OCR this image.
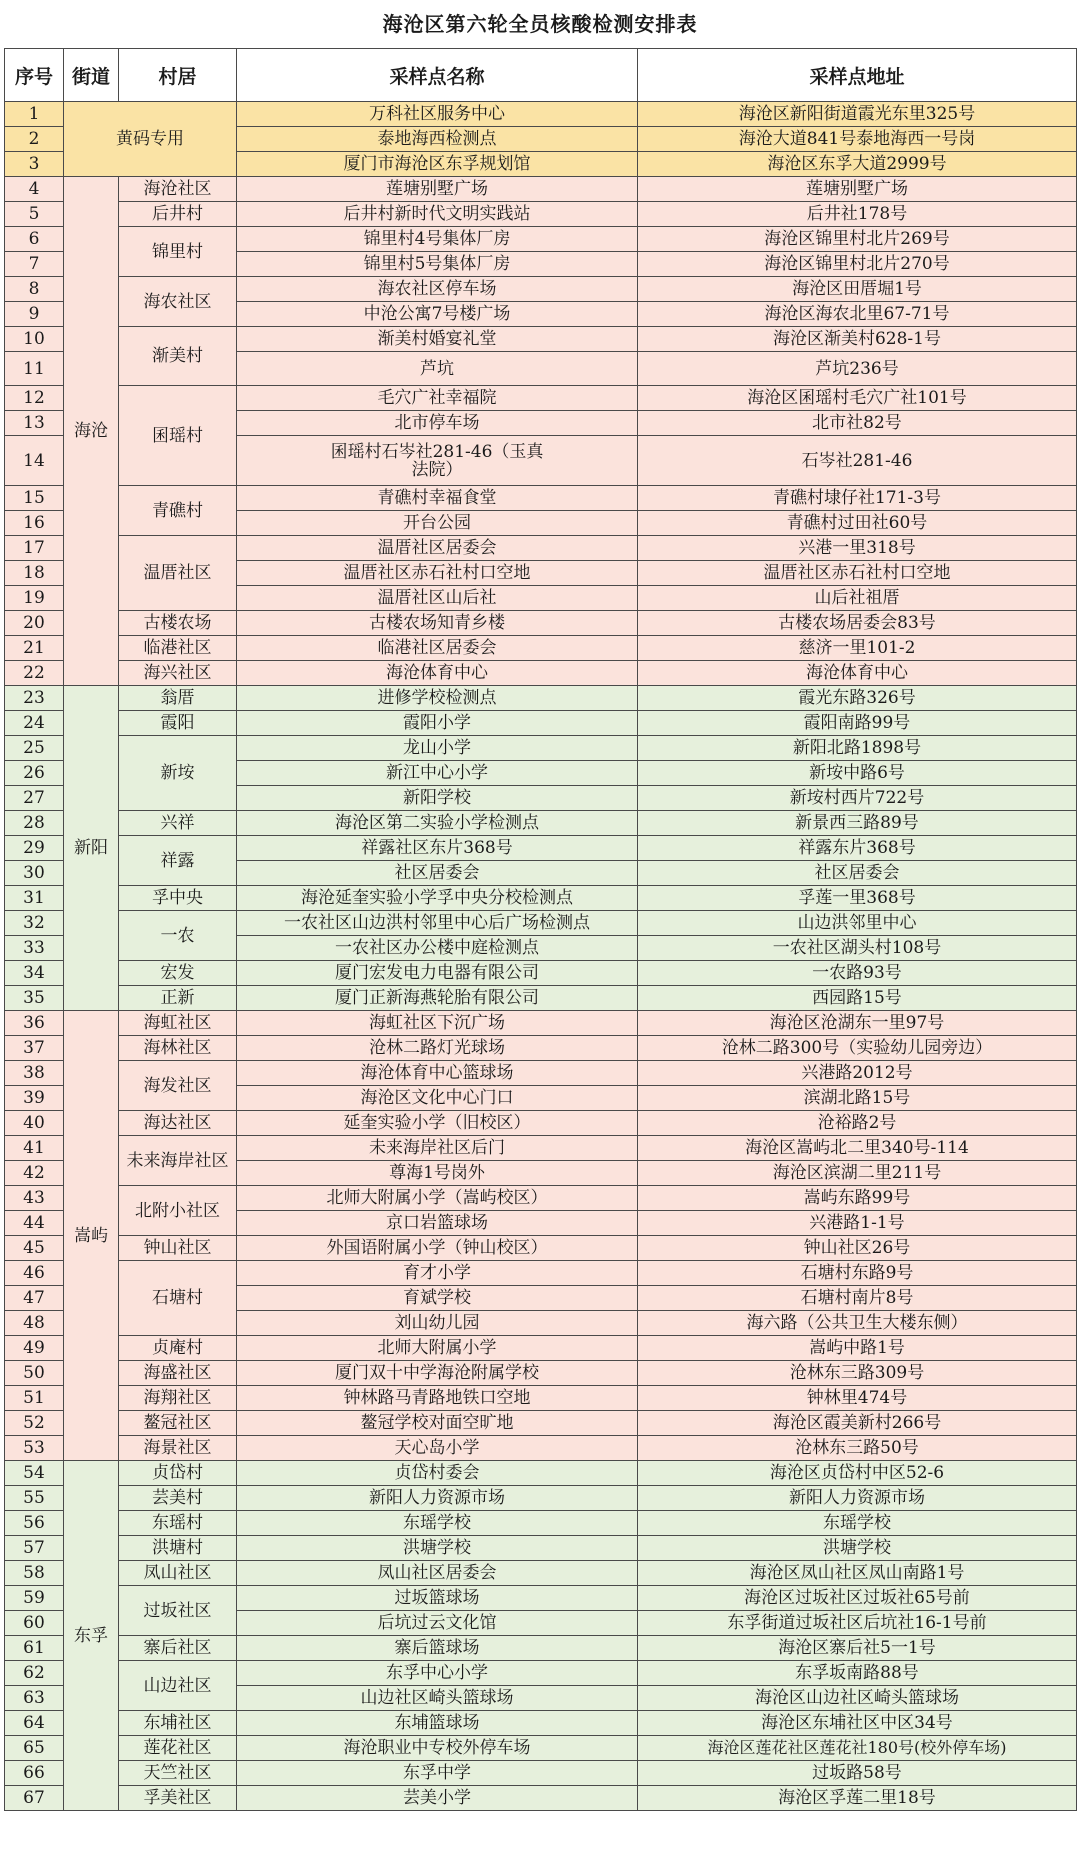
海沧区第六轮全员核酸检测安排表
序号	街道	村居	采样点名称	采样点地址
1	黄码专用		万科社区服务中心	海沧区新阳街道霞光东里325号
2			泰地海西检测点	海沧大道841号泰地海西一号岗
3			厦门市海沧区东孚规划馆	海沧区东孚大道2999号
4	海沧	海沧社区	莲塘别墅广场	莲塘别墅广场
5		后井村	后井村新时代文明实践站	后井社178号
6		锦里村	锦里村4号集体厂房	海沧区锦里村北片269号
7			锦里村5号集体厂房	海沧区锦里村北片270号
8		海农社区	海农社区停车场	海沧区田厝堀1号
9			中沧公寓7号楼广场	海沧区海农北里67-71号
10		渐美村	渐美村婚宴礼堂	海沧区渐美村628-1号
11			芦坑	芦坑236号
12		囷瑶村	毛穴广社幸福院	海沧区囷瑶村毛穴广社101号
13			北市停车场	北市社82号
14			囷瑶村石岑社281-46（玉真法院）	石岑社281-46
15		青礁村	青礁村幸福食堂	青礁村埭仔社171-3号
16			开台公园	青礁村过田社60号
17		温厝社区	温厝社区居委会	兴港一里318号
18			温厝社区赤石社村口空地	温厝社区赤石社村口空地
19			温厝社区山后社	山后社祖厝
20		古楼农场	古楼农场知青乡楼	古楼农场居委会83号
21		临港社区	临港社区居委会	慈济一里101-2
22		海兴社区	海沧体育中心	海沧体育中心
23	新阳	翁厝	进修学校检测点	霞光东路326号
24		霞阳	霞阳小学	霞阳南路99号
25		新垵	龙山小学	新阳北路1898号
26			新江中心小学	新垵中路6号
27			新阳学校	新垵村西片722号
28		兴祥	海沧区第二实验小学检测点	新景西三路89号
29		祥露	祥露社区东片368号	祥露东片368号
30			社区居委会	社区居委会
31		孚中央	海沧延奎实验小学孚中央分校检测点	孚莲一里368号
32		一农	一农社区山边洪村邻里中心后广场检测点	山边洪邻里中心
33			一农社区办公楼中庭检测点	一农社区湖头村108号
34		宏发	厦门宏发电力电器有限公司	一农路93号
35		正新	厦门正新海燕轮胎有限公司	西园路15号
36	嵩屿	海虹社区	海虹社区下沉广场	海沧区沧湖东一里97号
37		海林社区	沧林二路灯光球场	沧林二路300号（实验幼儿园旁边）
38		海发社区	海沧体育中心篮球场	兴港路2012号
39			海沧区文化中心门口	滨湖北路15号
40		海达社区	延奎实验小学（旧校区）	沧裕路2号
41		未来海岸社区	未来海岸社区后门	海沧区嵩屿北二里340号-114
42			尊海1号岗外	海沧区滨湖二里211号
43		北附小社区	北师大附属小学（嵩屿校区）	嵩屿东路99号
44			京口岩篮球场	兴港路1-1号
45		钟山社区	外国语附属小学（钟山校区）	钟山社区26号
46		石塘村	育才小学	石塘村东路9号
47			育斌学校	石塘村南片8号
48			刘山幼儿园	海六路（公共卫生大楼东侧）
49		贞庵村	北师大附属小学	嵩屿中路1号
50		海盛社区	厦门双十中学海沧附属学校	沧林东三路309号
51		海翔社区	钟林路马青路地铁口空地	钟林里474号
52		鳌冠社区	鳌冠学校对面空旷地	海沧区霞美新村266号
53		海景社区	天心岛小学	沧林东三路50号
54	东孚	贞岱村	贞岱村委会	海沧区贞岱村中区52-6
55		芸美村	新阳人力资源市场	新阳人力资源市场
56		东瑶村	东瑶学校	东瑶学校
57		洪塘村	洪塘学校	洪塘学校
58		凤山社区	凤山社区居委会	海沧区凤山社区凤山南路1号
59		过坂社区	过坂篮球场	海沧区过坂社区过坂社65号前
60			后坑过云文化馆	东孚街道过坂社区后坑社16-1号前
61		寨后社区	寨后篮球场	海沧区寨后社5一1号
62		山边社区	东孚中心小学	东孚坂南路88号
63			山边社区崎头篮球场	海沧区山边社区崎头篮球场
64		东埔社区	东埔篮球场	海沧区东埔社区中区34号
65		莲花社区	海沧职业中专校外停车场	海沧区莲花社区莲花社180号(校外停车场)
66		天竺社区	东孚中学	过坂路58号
67		孚美社区	芸美小学	海沧区孚莲二里18号
